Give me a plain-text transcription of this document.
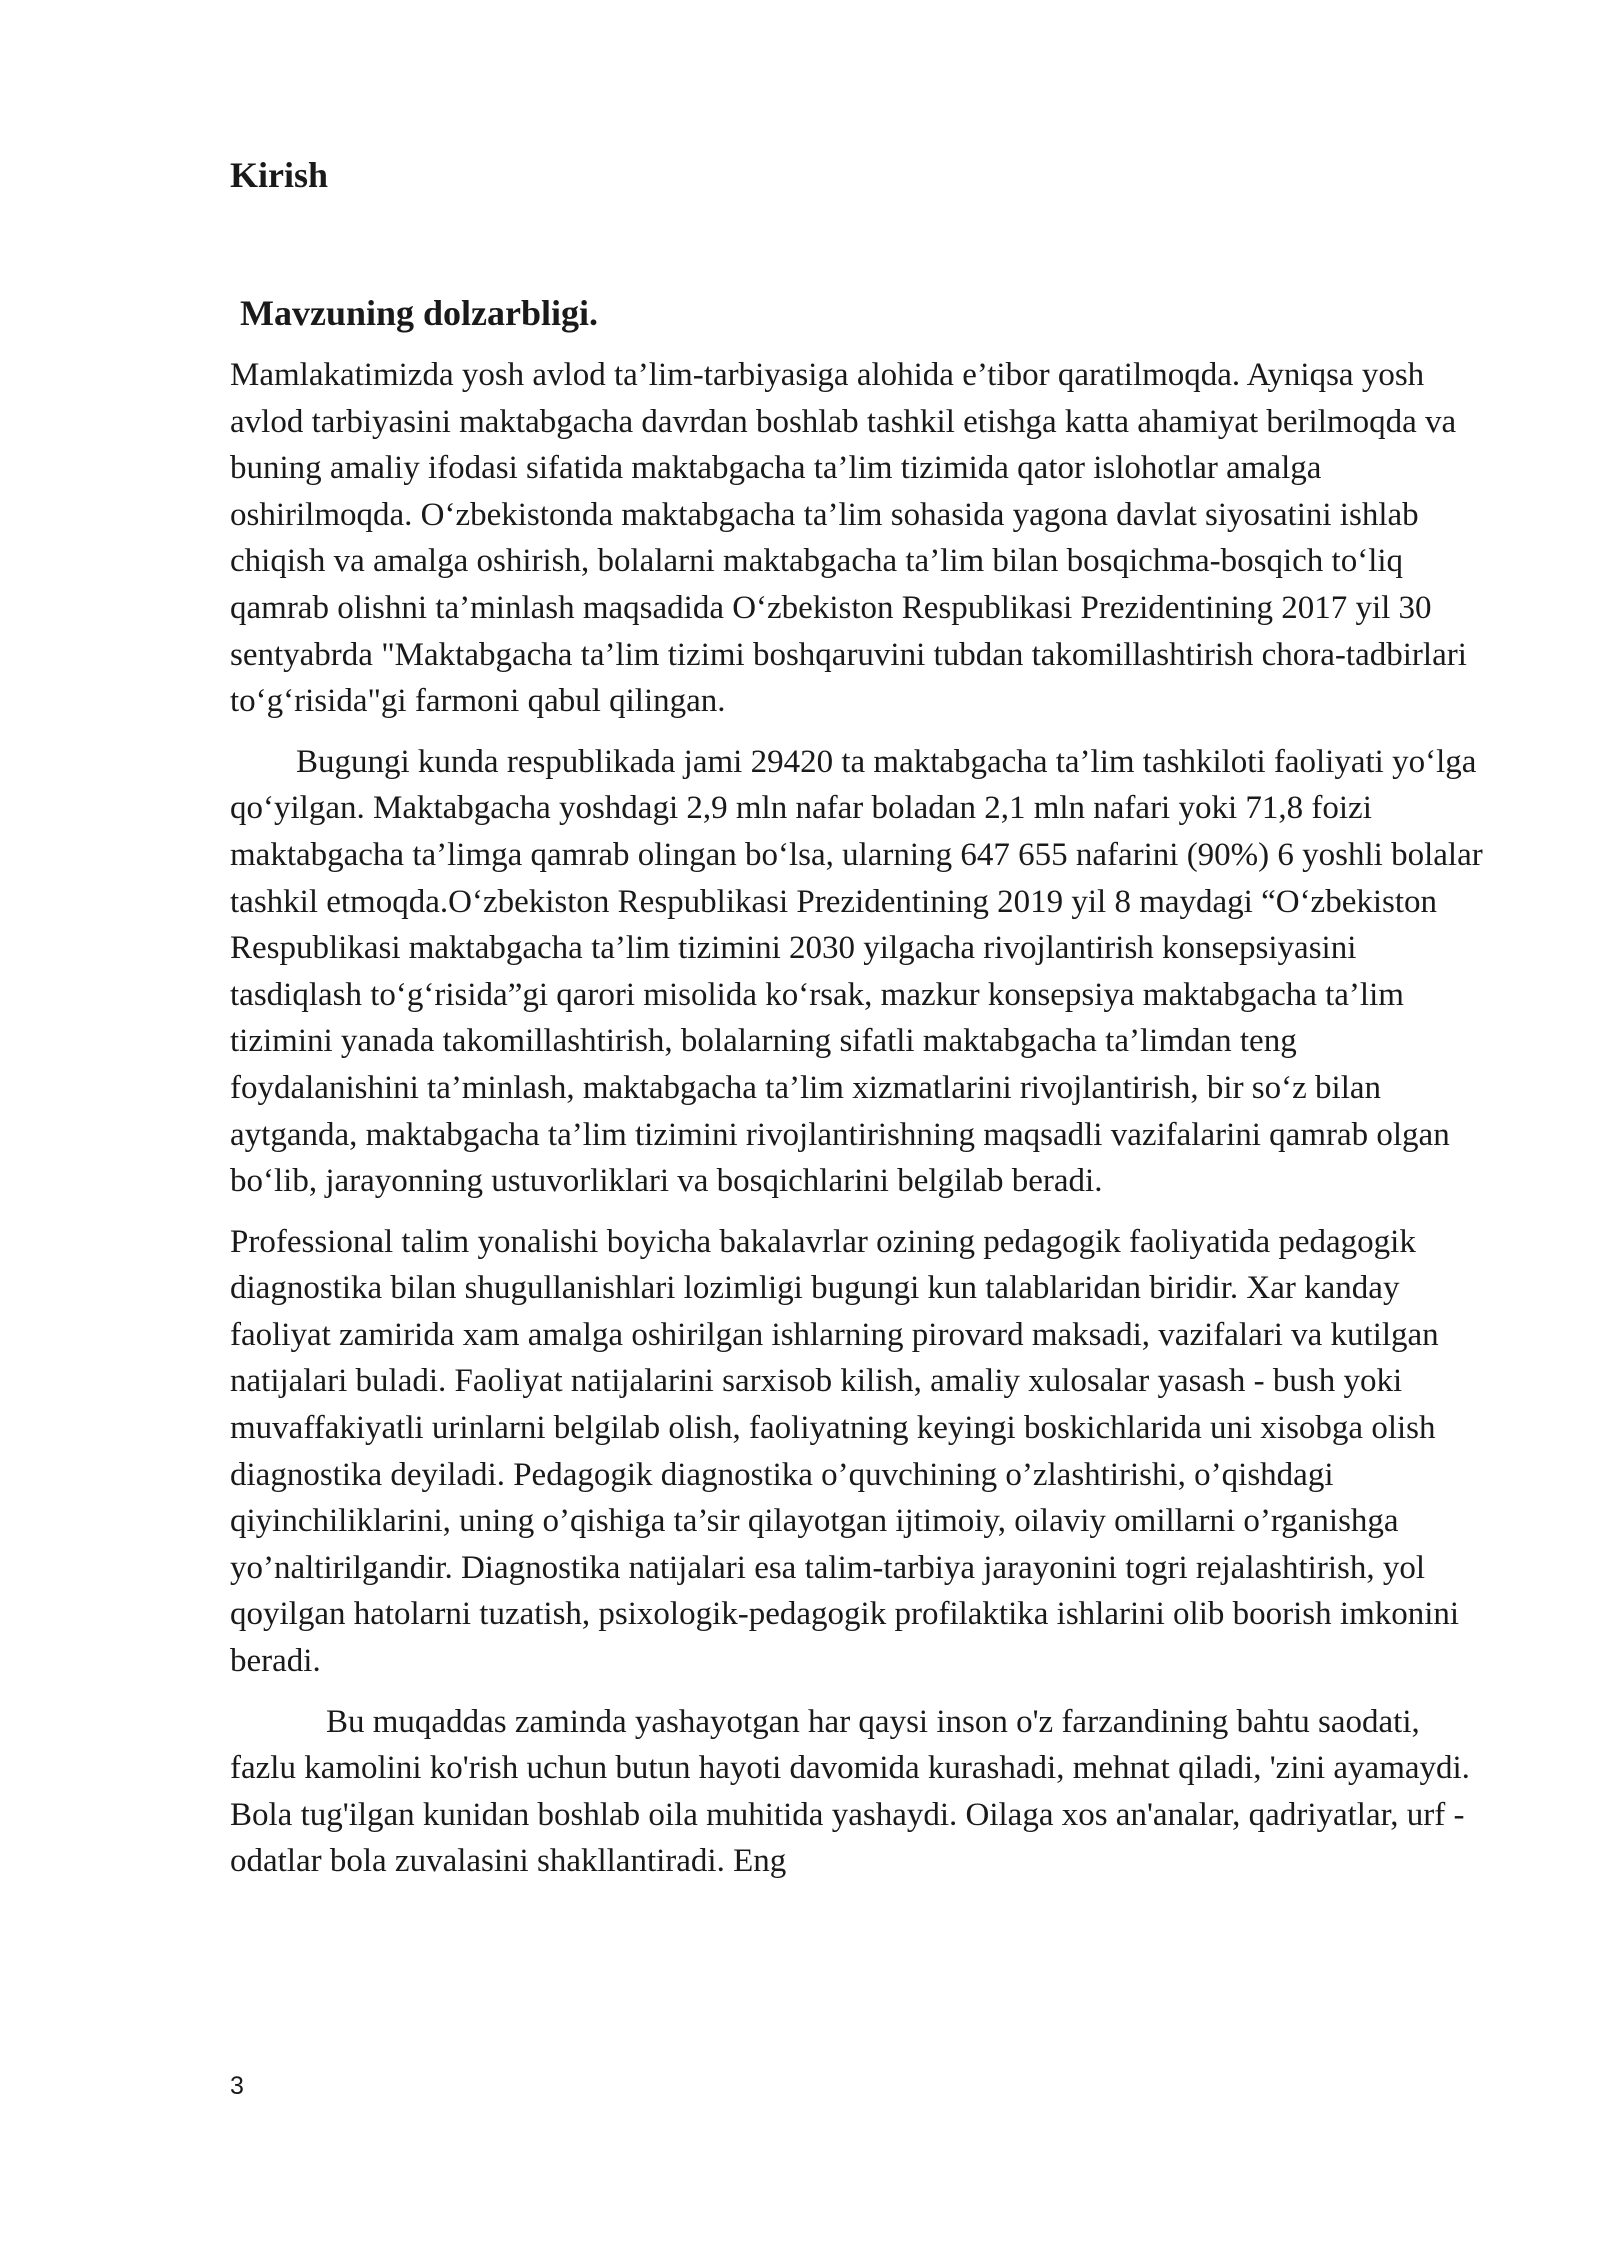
Kirish
Mavzuning dolzarbligi.

Mamlakatimizda yosh avlod ta’lim-tarbiyasiga alohida e’tibor qaratilmoqda. Ayniqsa yosh avlod tarbiyasini maktabgacha davrdan boshlab tashkil etishga katta ahamiyat berilmoqda va buning amaliy ifodasi sifatida maktabgacha ta’lim tizimida qator islohotlar amalga oshirilmoqda. O‘zbekistonda maktabgacha ta’lim sohasida yagona davlat siyosatini ishlab chiqish va amalga oshirish, bolalarni maktabgacha ta’lim bilan bosqichma-bosqich to‘liq qamrab olishni ta’minlash maqsadida O‘zbekiston Respublikasi Prezidentining 2017 yil 30 sentyabrda "Maktabgacha ta’lim tizimi boshqaruvini tubdan takomillashtirish chora-tadbirlari to‘g‘risida"gi farmoni qabul qilingan.

Bugungi kunda respublikada jami 29420 ta maktabgacha ta’lim tashkiloti faoliyati yo‘lga qo‘yilgan. Maktabgacha yoshdagi 2,9 mln nafar boladan 2,1 mln nafari yoki 71,8 foizi maktabgacha ta’limga qamrab olingan bo‘lsa, ularning 647 655 nafarini (90%) 6 yoshli bolalar tashkil etmoqda.O‘zbekiston Respublikasi Prezidentining 2019 yil 8 maydagi “O‘zbekiston Respublikasi maktabgacha ta’lim tizimini 2030 yilgacha rivojlantirish konsepsiyasini tasdiqlash to‘g‘risida”gi qarori misolida ko‘rsak, mazkur konsepsiya maktabgacha ta’lim tizimini yanada takomillashtirish, bolalarning sifatli maktabgacha ta’limdan teng foydalanishini ta’minlash, maktabgacha ta’lim xizmatlarini rivojlantirish, bir so‘z bilan aytganda, maktabgacha ta’lim tizimini rivojlantirishning maqsadli vazifalarini qamrab olgan bo‘lib, jarayonning ustuvorliklari va bosqichlarini belgilab beradi.

Professional talim yonalishi boyicha bakalavrlar ozining pedagogik faoliyatida pedagogik diagnostika bilan shugullanishlari lozimligi bugungi kun talablaridan biridir. Xar kanday faoliyat zamirida xam amalga oshirilgan ishlarning pirovard maksadi, vazifalari va kutilgan natijalari buladi. Faoliyat natijalarini sarxisob kilish, amaliy xulosalar yasash - bush yoki muvaffakiyatli urinlarni belgilab olish, faoliyatning keyingi boskichlarida uni xisobga olish diagnostika deyiladi. Pedagogik diagnostika o’quvchining o’zlashtirishi, o’qishdagi qiyinchiliklarini, uning o’qishiga ta’sir qilayotgan ijtimoiy, oilaviy omillarni o’rganishga yo’naltirilgandir. Diagnostika natijalari esa talim-tarbiya jarayonini togri rejalashtirish, yol qoyilgan hatolarni tuzatish, psixologik-pedagogik profilaktika ishlarini olib boorish imkonini beradi.

Bu muqaddas zaminda yashayotgan har qaysi inson o'z farzandining bahtu saodati, fazlu kamolini ko'rish uchun butun hayoti davomida kurashadi, mehnat qiladi, 'zini ayamaydi. Bola tug'ilgan kunidan boshlab oila muhitida yashaydi. Oilaga xos an'analar, qadriyatlar, urf - odatlar bola zuvalasini shakllantiradi. Eng

3
